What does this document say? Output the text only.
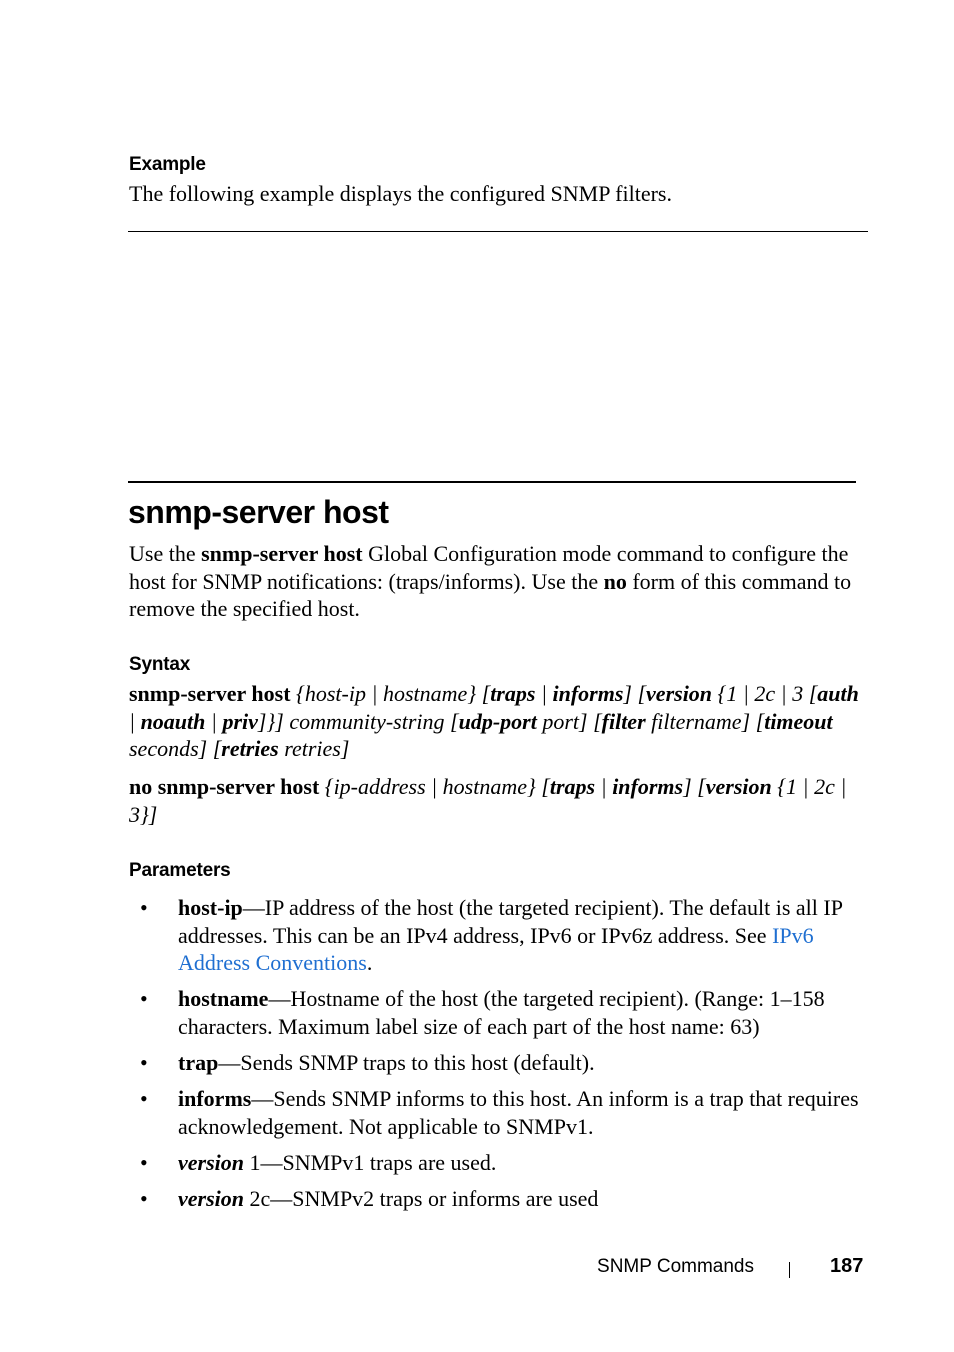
Example
The following example displays the configured SNMP filters.
snmp-server host
Use the snmp-server host Global Configuration mode command to configure the host for SNMP notifications: (traps/informs). Use the no form of this command to remove the specified host.
Syntax
snmp-server host {host-ip | hostname} [traps | informs] [version {1 | 2c | 3 [auth | noauth | priv]}] community-string [udp-port port] [filter filtername] [timeout seconds] [retries retries]
no snmp-server host {ip-address | hostname} [traps | informs] [version {1 | 2c | 3}]
Parameters
• host-ip—IP address of the host (the targeted recipient). The default is all IP addresses. This can be an IPv4 address, IPv6 or IPv6z address. See IPv6 Address Conventions.
• hostname—Hostname of the host (the targeted recipient). (Range: 1–158 characters. Maximum label size of each part of the host name: 63)
• trap—Sends SNMP traps to this host (default).
• informs—Sends SNMP informs to this host. An inform is a trap that requires acknowledgement. Not applicable to SNMPv1.
• version 1—SNMPv1 traps are used.
• version 2c—SNMPv2 traps or informs are used
SNMP Commands	187
